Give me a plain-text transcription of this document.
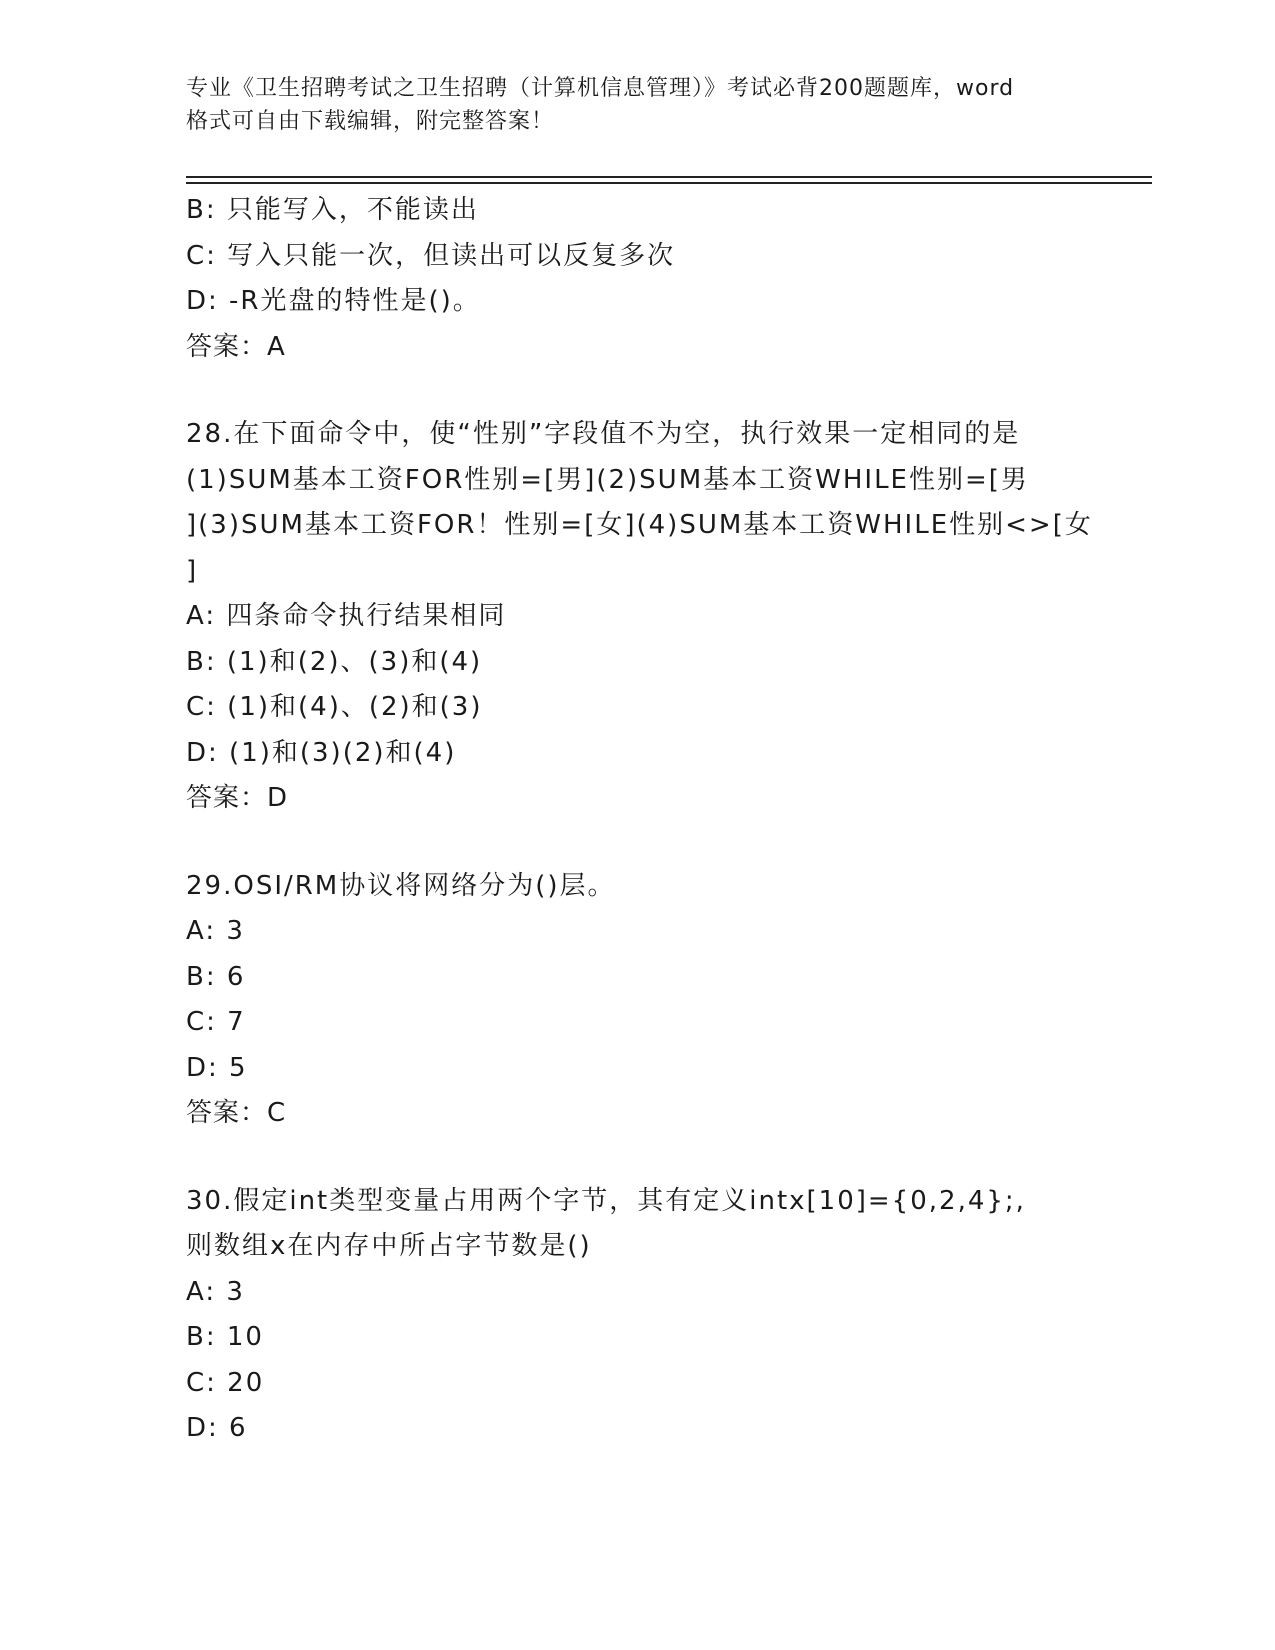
专业《卫生招聘考试之卫生招聘（计算机信息管理）》考试必背200题题库，word
格式可自由下载编辑，附完整答案！
B: 只能写入，不能读出
C: 写入只能一次，但读出可以反复多次
D: -R光盘的特性是()。
答案：A
28.在下面命令中，使“性别”字段值不为空，执行效果一定相同的是
(1)SUM基本工资FOR性别=[男](2)SUM基本工资WHILE性别=[男
](3)SUM基本工资FOR！性别=[女](4)SUM基本工资WHILE性别<>[女
]
A: 四条命令执行结果相同
B: (1)和(2)、(3)和(4)
C: (1)和(4)、(2)和(3)
D: (1)和(3)(2)和(4)
答案：D
29.OSI/RM协议将网络分为()层。
A: 3
B: 6
C: 7
D: 5
答案：C
30.假定int类型变量占用两个字节，其有定义intx[10]={0,2,4};,
则数组x在内存中所占字节数是()
A: 3
B: 10
C: 20
D: 6
